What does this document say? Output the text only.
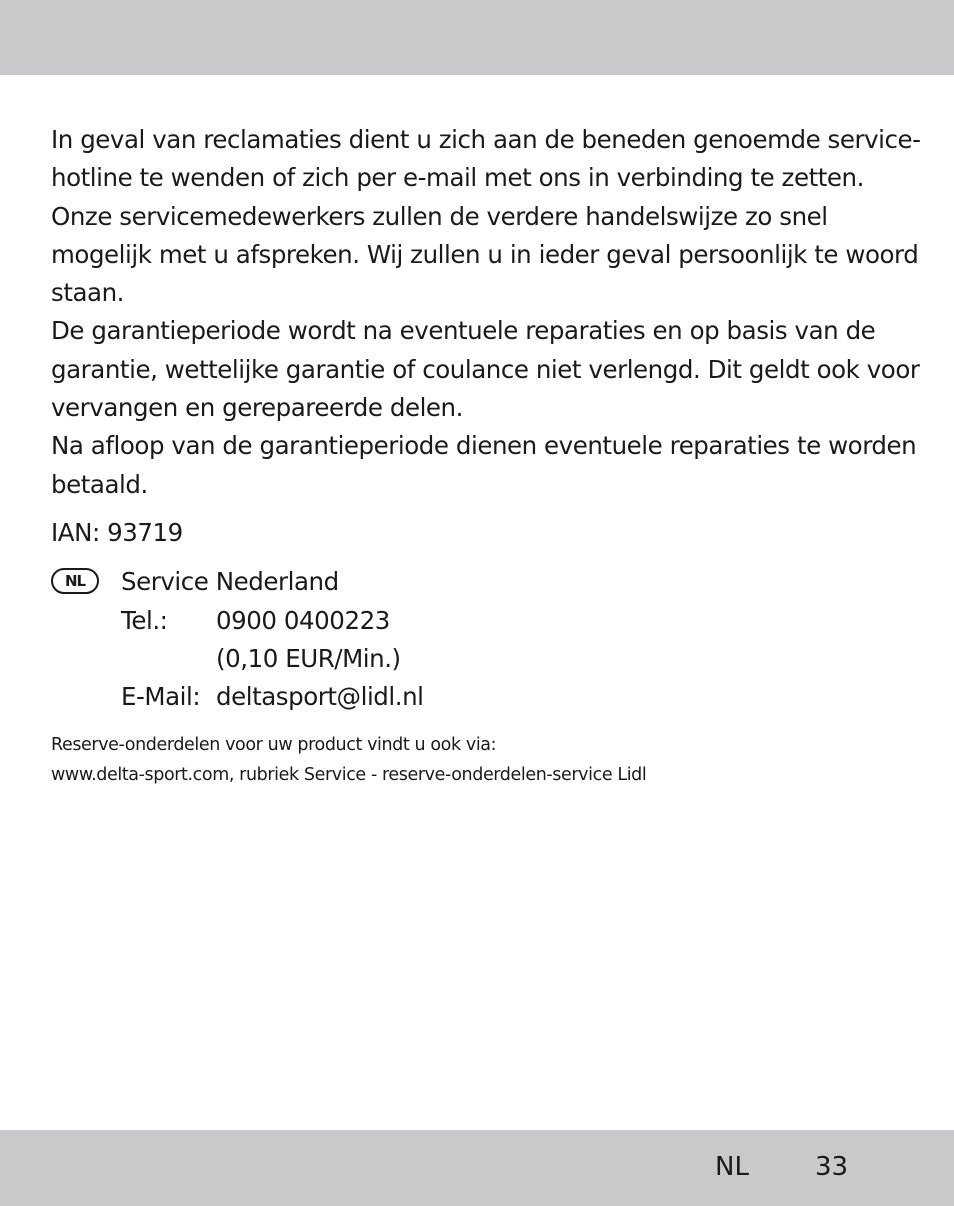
In geval van reclamaties dient u zich aan de beneden genoemde service-hotline te wenden of zich per e-mail met ons in verbinding te zetten. Onze servicemedewerkers zullen de verdere handelswijze zo snel mogelijk met u afspreken. Wij zullen u in ieder geval persoonlijk te woord staan.

De garantieperiode wordt na eventuele reparaties en op basis van de garantie, wettelijke garantie of coulance niet verlengd. Dit geldt ook voor vervangen en gerepareerde delen.

Na afloop van de garantieperiode dienen eventuele reparaties te worden betaald.

IAN: 93719

NL	Service Nederland
Tel.:	0900 0400223
(0,10 EUR/Min.)
E-Mail: deltasport@lidl.nl
Reserve-onderdelen voor uw product vindt u ook via:
www.delta-sport.com, rubriek Service - reserve-onderdelen-service Lidl
NL	33
